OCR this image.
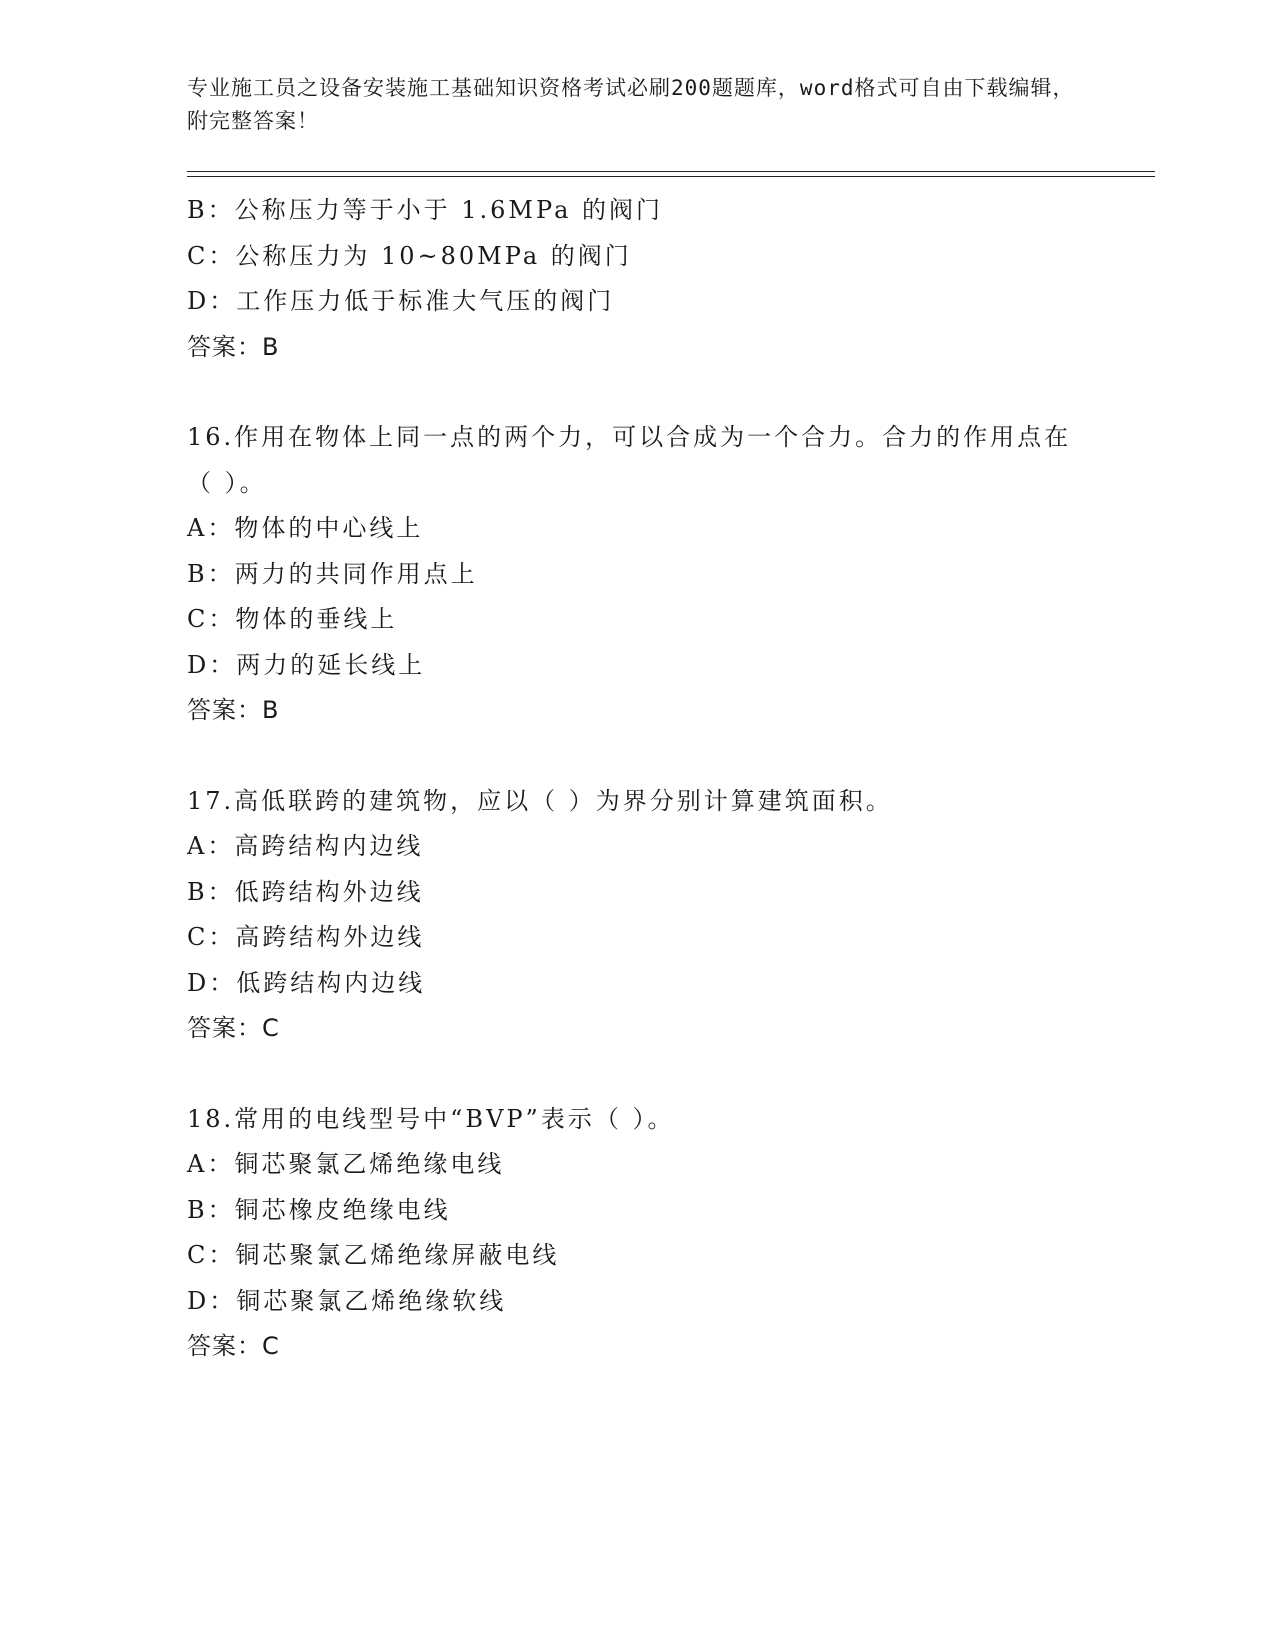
专业施工员之设备安装施工基础知识资格考试必刷200题题库，word格式可自由下载编辑，附完整答案！
B：公称压力等于小于 1.6MPa 的阀门
C：公称压力为 10~80MPa 的阀门
D：工作压力低于标准大气压的阀门
答案：B
16.作用在物体上同一点的两个力，可以合成为一个合力。合力的作用点在（ ）。
A：物体的中心线上
B：两力的共同作用点上
C：物体的垂线上
D：两力的延长线上
答案：B
17.高低联跨的建筑物，应以（ ）为界分别计算建筑面积。
A：高跨结构内边线
B：低跨结构外边线
C：高跨结构外边线
D：低跨结构内边线
答案：C
18.常用的电线型号中“BVP”表示（ ）。
A：铜芯聚氯乙烯绝缘电线
B：铜芯橡皮绝缘电线
C：铜芯聚氯乙烯绝缘屏蔽电线
D：铜芯聚氯乙烯绝缘软线
答案：C
